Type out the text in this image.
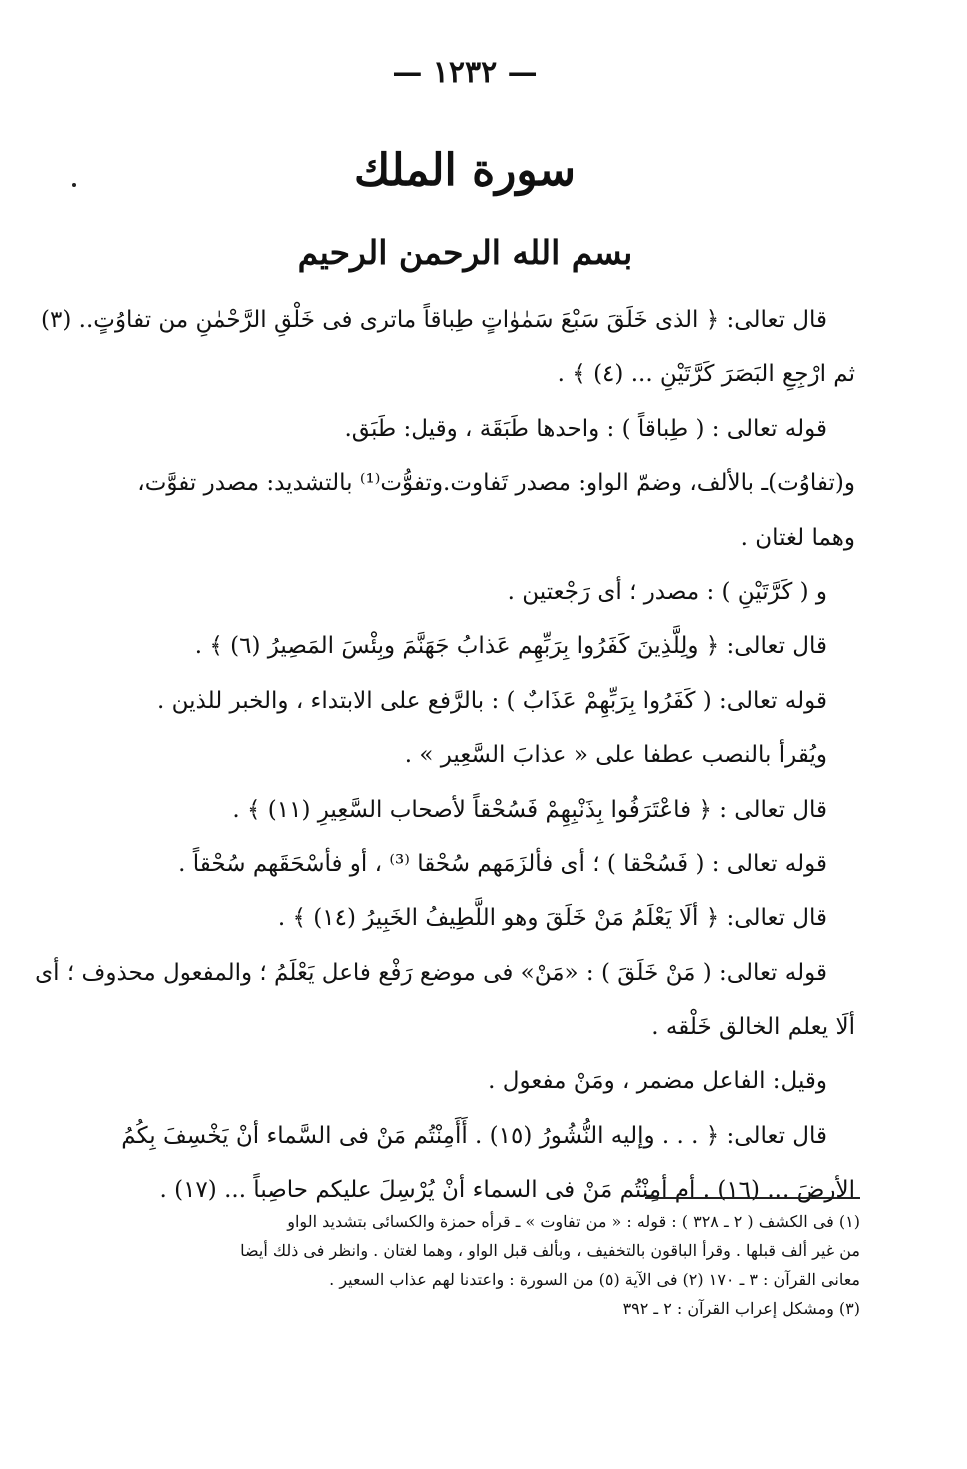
— ١٢٣٢ —
سورة الملك
بسم الله الرحمن الرحيم
قال تعالى: ﴿ الذى خَلَقَ سَبْعَ سَمٰوٰاتٍ طِباقاً ماترى فى خَلْقِ الرَّحْمٰنِ من تفاوُتٍ.. (٣)
ثم ارْجِعِ البَصَرَ كَرَّتَيْنِ ... (٤) ﴾ .
قوله تعالى : ( طِباقاً ) : واحدها طَبَقَة ، وقيل: طَبَق.
و(تفاوُت)ـ بالألف، وضمّ الواو: مصدر تَفاوت.وتفوُّت⁽¹⁾ بالتشديد: مصدر تفوَّت،
وهما لغتان .
و ( كَرَّتَيْنِ ) : مصدر ؛ أى رَجْعتين .
قال تعالى: ﴿ ولِلَّذِينَ كَفَرُوا بِرَبِّهِم عَذابُ جَهَنَّمَ وبِئْسَ المَصِيرُ (٦) ﴾ .
قوله تعالى: ( كَفَرُوا بِرَبِّهِمْ عَذَابٌ ) : بالرَّفع على الابتداء ، والخبر للذين .
ويُقرأ بالنصب عطفا على « عذابَ السَّعِير » .
قال تعالى : ﴿ فاعْتَرَفُوا بِذَنْبِهِمْ فَسُحْقاً لأصحاب السَّعِيرِ (١١) ﴾ .
قوله تعالى : ( فَسُحْقا ) ؛ أى فألزَمَهم سُحْقا ⁽³⁾ ، أو فأسْحَقَهم سُحْقاً .
قال تعالى: ﴿ ألَا يَعْلَمُ مَنْ خَلَقَ وهو اللَّطِيفُ الخَبِيرُ (١٤) ﴾ .
قوله تعالى: ( مَنْ خَلَقَ ) : «مَنْ» فى موضع رَفْع فاعل يَعْلَمُ ؛ والمفعول محذوف ؛ أى
ألَا يعلم الخالق خَلْقه .
وقيل: الفاعل مضمر ، ومَنْ مفعول .
قال تعالى: ﴿ . . . وإليه النُّشُورُ (١٥) . أَأَمِنْتُم مَنْ فى السَّماء أنْ يَخْسِفَ بِكُمُ
الأرضَ ... (١٦) . أم أمِنْتُم مَنْ فى السماء أنْ يُرْسِلَ عليكم حاصِباً ... (١٧) .
(١) فى الكشف ( ٢ ـ ٣٢٨ ) : قوله : « من تفاوت » ـ قرأه حمزة والكسائى بتشديد الواو
من غير ألف قبلها . وقرأ الباقون بالتخفيف ، وبألف قبل الواو ، وهما لغتان . وانظر فى ذلك أيضا
معانى القرآن : ٣ ـ ١٧٠ (٢) فى الآية (٥) من السورة : واعتدنا لهم عذاب السعير .
(٣) ومشكل إعراب القرآن : ٢ ـ ٣٩٢
